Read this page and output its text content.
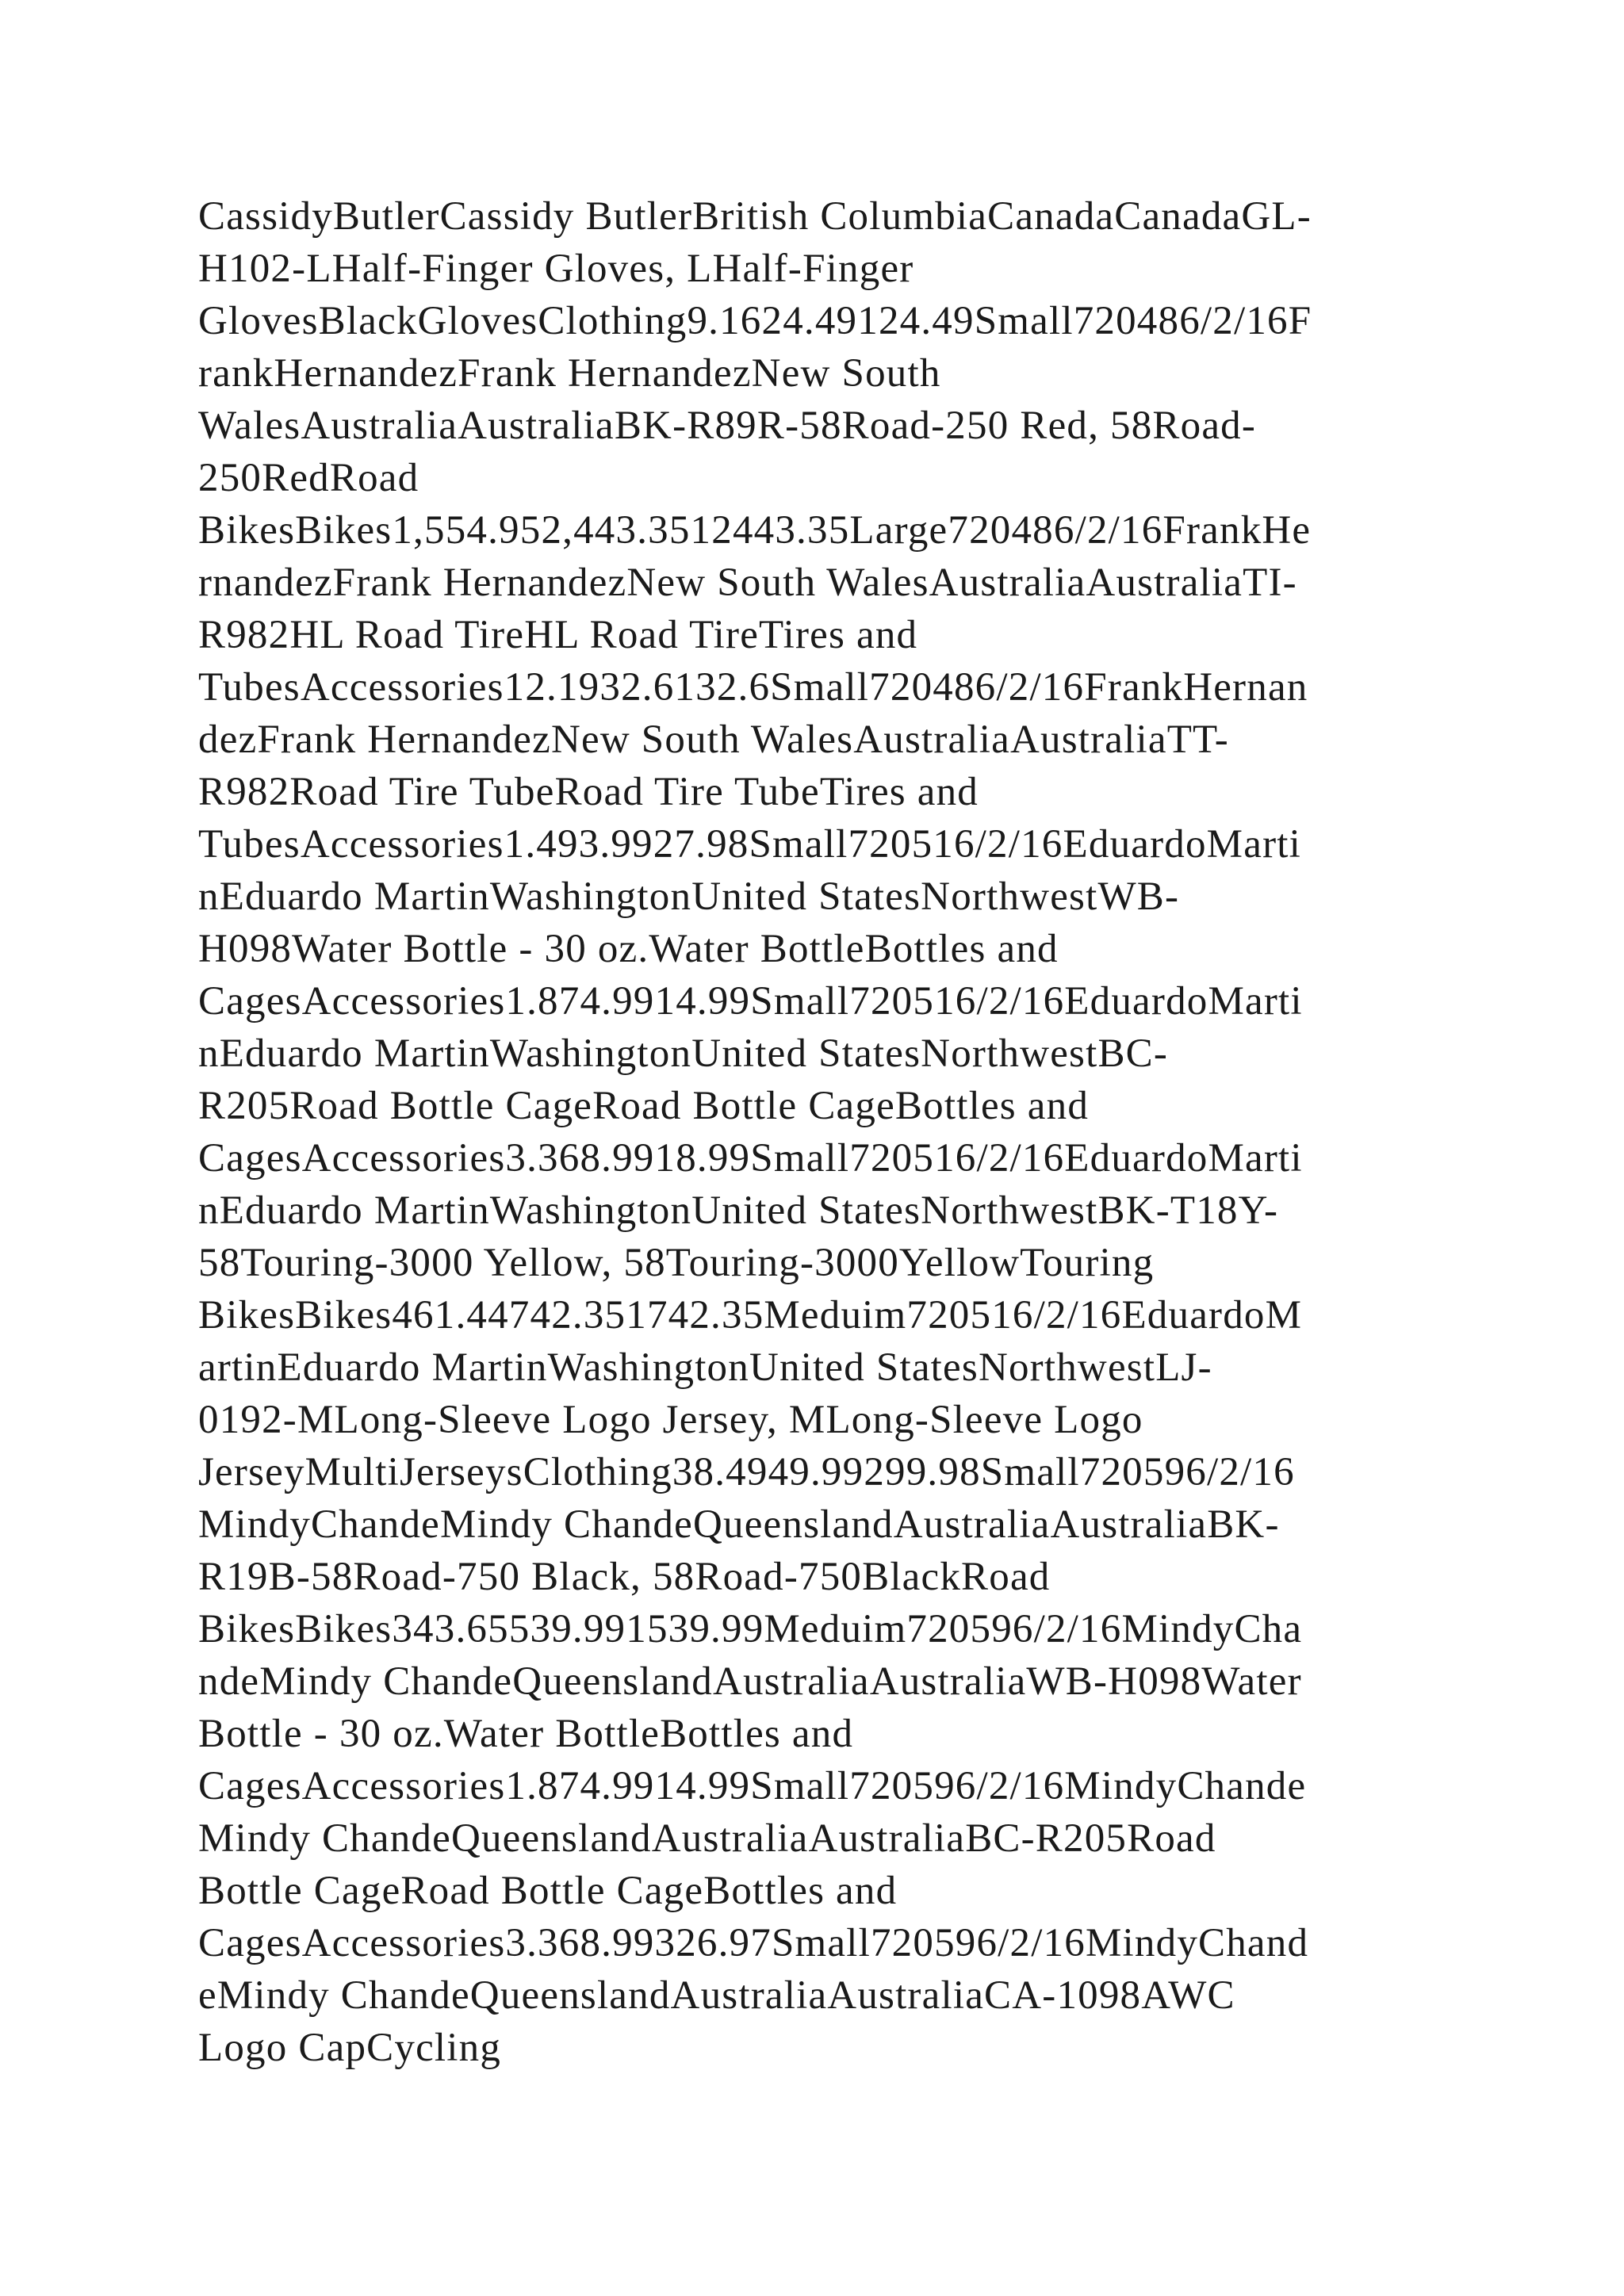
CassidyButlerCassidy ButlerBritish ColumbiaCanadaCanadaGL-
H102-LHalf-Finger Gloves, LHalf-Finger
GlovesBlackGlovesClothing9.1624.49124.49Small720486/2/16F
rankHernandezFrank HernandezNew South
WalesAustraliaAustraliaBK-R89R-58Road-250 Red, 58Road-
250RedRoad
BikesBikes1,554.952,443.3512443.35Large720486/2/16FrankHe
rnandezFrank HernandezNew South WalesAustraliaAustraliaTI-
R982HL Road TireHL Road TireTires and
TubesAccessories12.1932.6132.6Small720486/2/16FrankHernan
dezFrank HernandezNew South WalesAustraliaAustraliaTT-
R982Road Tire TubeRoad Tire TubeTires and
TubesAccessories1.493.9927.98Small720516/2/16EduardoMarti
nEduardo MartinWashingtonUnited StatesNorthwestWB-
H098Water Bottle - 30 oz.Water BottleBottles and
CagesAccessories1.874.9914.99Small720516/2/16EduardoMarti
nEduardo MartinWashingtonUnited StatesNorthwestBC-
R205Road Bottle CageRoad Bottle CageBottles and
CagesAccessories3.368.9918.99Small720516/2/16EduardoMarti
nEduardo MartinWashingtonUnited StatesNorthwestBK-T18Y-
58Touring-3000 Yellow, 58Touring-3000YellowTouring
BikesBikes461.44742.351742.35Meduim720516/2/16EduardoM
artinEduardo MartinWashingtonUnited StatesNorthwestLJ-
0192-MLong-Sleeve Logo Jersey, MLong-Sleeve Logo
JerseyMultiJerseysClothing38.4949.99299.98Small720596/2/16
MindyChandeMindy ChandeQueenslandAustraliaAustraliaBK-
R19B-58Road-750 Black, 58Road-750BlackRoad
BikesBikes343.65539.991539.99Meduim720596/2/16MindyCha
ndeMindy ChandeQueenslandAustraliaAustraliaWB-H098Water
Bottle - 30 oz.Water BottleBottles and
CagesAccessories1.874.9914.99Small720596/2/16MindyChande
Mindy ChandeQueenslandAustraliaAustraliaBC-R205Road
Bottle CageRoad Bottle CageBottles and
CagesAccessories3.368.99326.97Small720596/2/16MindyChand
eMindy ChandeQueenslandAustraliaAustraliaCA-1098AWC
Logo CapCycling
